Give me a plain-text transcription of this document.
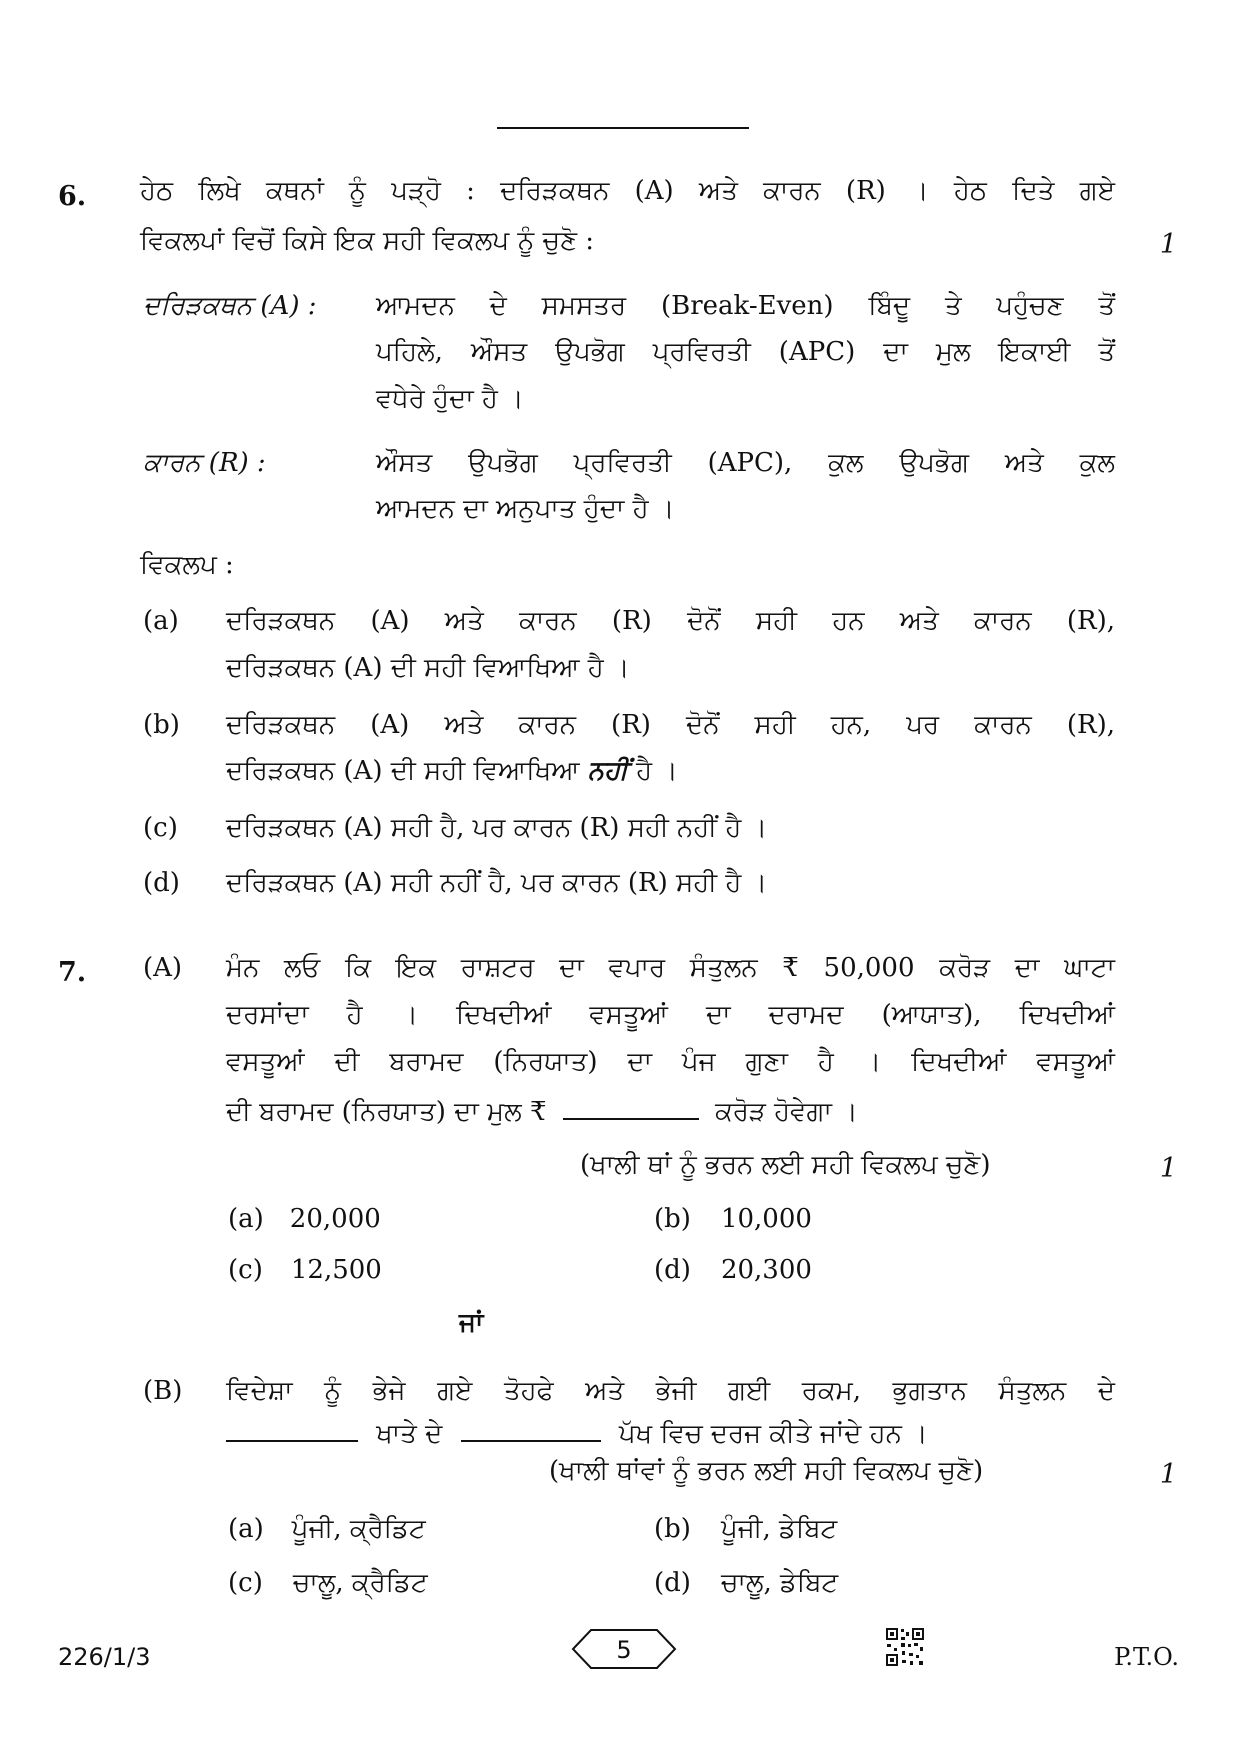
6. ਹੇਠ ਲਿਖੇ ਕਥਨਾਂ ਨੂੰ ਪੜ੍ਹੋ : ਦਰਿੜਕਥਨ (A) ਅਤੇ ਕਾਰਨ (R) । ਹੇਠ ਦਿਤੇ ਗਏ
ਵਿਕਲਪਾਂ ਵਿਚੋਂ ਕਿਸੇ ਇਕ ਸਹੀ ਵਿਕਲਪ ਨੂੰ ਚੁਣੋ :	1
ਦਰਿੜਕਥਨ (A) : ਆਮਦਨ ਦੇ ਸਮਸਤਰ (Break-Even) ਬਿੰਦੂ ਤੇ ਪਹੁੰਚਣ ਤੋਂ
ਪਹਿਲੇ, ਔਸਤ ਉਪਭੋਗ ਪ੍ਰਵਿਰਤੀ (APC) ਦਾ ਮੁਲ ਇਕਾਈ ਤੋਂ
ਵਧੇਰੇ ਹੁੰਦਾ ਹੈ ।
ਕਾਰਨ (R) :	ਔਸਤ ਉਪਭੋਗ ਪ੍ਰਵਿਰਤੀ (APC), ਕੁਲ ਉਪਭੋਗ ਅਤੇ ਕੁਲ
ਆਮਦਨ ਦਾ ਅਨੁਪਾਤ ਹੁੰਦਾ ਹੈ ।
ਵਿਕਲਪ :
(a) ਦਰਿੜਕਥਨ (A) ਅਤੇ ਕਾਰਨ (R) ਦੋਨੋਂ ਸਹੀ ਹਨ ਅਤੇ ਕਾਰਨ (R),
ਦਰਿੜਕਥਨ (A) ਦੀ ਸਹੀ ਵਿਆਖਿਆ ਹੈ ।
(b) ਦਰਿੜਕਥਨ (A) ਅਤੇ ਕਾਰਨ (R) ਦੋਨੋਂ ਸਹੀ ਹਨ, ਪਰ ਕਾਰਨ (R),
ਦਰਿੜਕਥਨ (A) ਦੀ ਸਹੀ ਵਿਆਖਿਆ ਨਹੀਂ ਹੈ ।
(c) ਦਰਿੜਕਥਨ (A) ਸਹੀ ਹੈ, ਪਰ ਕਾਰਨ (R) ਸਹੀ ਨਹੀਂ ਹੈ ।
(d) ਦਰਿੜਕਥਨ (A) ਸਹੀ ਨਹੀਂ ਹੈ, ਪਰ ਕਾਰਨ (R) ਸਹੀ ਹੈ ।
7. (A) ਮੰਨ ਲਓ ਕਿ ਇਕ ਰਾਸ਼ਟਰ ਦਾ ਵਪਾਰ ਸੰਤੁਲਨ ₹ 50,000 ਕਰੋੜ ਦਾ ਘਾਟਾ
ਦਰਸਾਂਦਾ ਹੈ । ਦਿਖਦੀਆਂ ਵਸਤੂਆਂ ਦਾ ਦਰਾਮਦ (ਆਯਾਤ), ਦਿਖਦੀਆਂ
ਵਸਤੂਆਂ ਦੀ ਬਰਾਮਦ (ਨਿਰਯਾਤ) ਦਾ ਪੰਜ ਗੁਣਾ ਹੈ । ਦਿਖਦੀਆਂ ਵਸਤੂਆਂ
ਦੀ ਬਰਾਮਦ (ਨਿਰਯਾਤ) ਦਾ ਮੁਲ ₹	ਕਰੋੜ ਹੋਵੇਗਾ ।
(ਖਾਲੀ ਥਾਂ ਨੂੰ ਭਰਨ ਲਈ ਸਹੀ ਵਿਕਲਪ ਚੁਣੋ)	1
(a) 20,000	(b) 10,000
(c) 12,500	(d) 20,300
ਜਾਂ
(B) ਵਿਦੇਸ਼ਾ ਨੂੰ ਭੇਜੇ ਗਏ ਤੋਹਫੇ ਅਤੇ ਭੇਜੀ ਗਈ ਰਕਮ, ਭੁਗਤਾਨ ਸੰਤੁਲਨ ਦੇ
ਖਾਤੇ ਦੇ	ਪੱਖ ਵਿਚ ਦਰਜ ਕੀਤੇ ਜਾਂਦੇ ਹਨ ।
(ਖਾਲੀ ਥਾਂਵਾਂ ਨੂੰ ਭਰਨ ਲਈ ਸਹੀ ਵਿਕਲਪ ਚੁਣੋ)	1
(a) ਪੂੰਜੀ, ਕ੍ਰੈਡਿਟ	(b) ਪੂੰਜੀ, ਡੇਬਿਟ
(c) ਚਾਲੂ, ਕ੍ਰੈਡਿਟ	(d) ਚਾਲੂ, ਡੇਬਿਟ
226/1/3	5	P.T.O.
